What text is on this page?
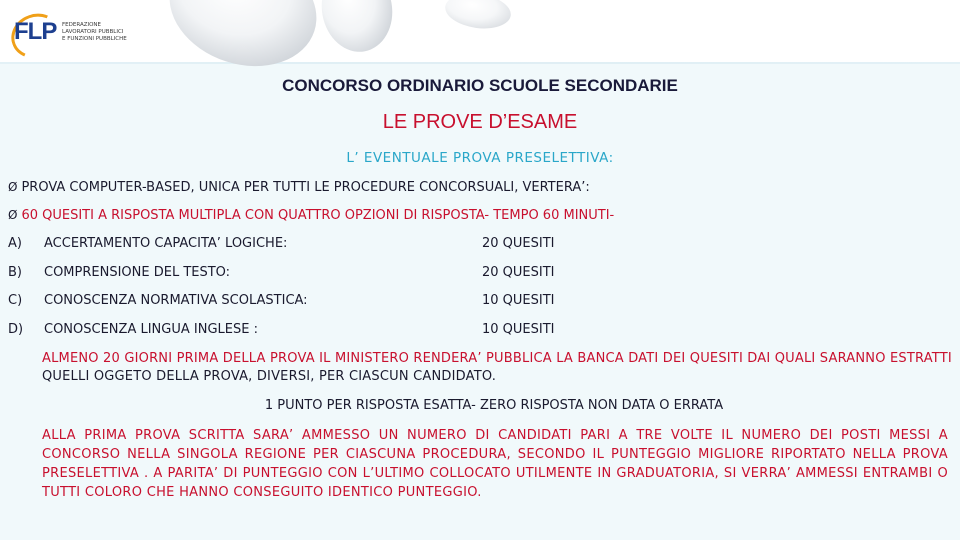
FLP FEDERAZIONE
LAVORATORI PUBBLICI
E FUNZIONI PUBBLICHE
CONCORSO ORDINARIO SCUOLE SECONDARIE
LE PROVE D’ESAME
L’ EVENTUALE PROVA PRESELETTIVA:
Ø PROVA COMPUTER-BASED, UNICA PER TUTTI LE PROCEDURE CONCORSUALI, VERTERA’:
Ø 60 QUESITI A RISPOSTA MULTIPLA CON QUATTRO OPZIONI DI RISPOSTA- TEMPO 60 MINUTI-
A)	ACCERTAMENTO CAPACITA’ LOGICHE:	20 QUESITI
B)	COMPRENSIONE DEL TESTO:	20 QUESITI
C)	CONOSCENZA NORMATIVA SCOLASTICA:	10 QUESITI
D)	CONOSCENZA LINGUA INGLESE :	10 QUESITI
ALMENO 20 GIORNI PRIMA DELLA PROVA IL MINISTERO RENDERA’ PUBBLICA LA BANCA DATI DEI QUESITI DAI QUALI SARANNO ESTRATTI QUELLI OGGETO DELLA PROVA, DIVERSI, PER CIASCUN CANDIDATO.
1 PUNTO PER RISPOSTA ESATTA- ZERO RISPOSTA NON DATA O ERRATA
ALLA PRIMA PROVA SCRITTA SARA’ AMMESSO UN NUMERO DI CANDIDATI PARI A TRE VOLTE IL NUMERO DEI POSTI MESSI A CONCORSO NELLA SINGOLA REGIONE PER CIASCUNA PROCEDURA, SECONDO IL PUNTEGGIO MIGLIORE RIPORTATO NELLA PROVA PRESELETTIVA . A PARITA’ DI PUNTEGGIO CON L’ULTIMO COLLOCATO UTILMENTE IN GRADUATORIA, SI VERRA’ AMMESSI ENTRAMBI O TUTTI COLORO CHE HANNO CONSEGUITO IDENTICO PUNTEGGIO.
